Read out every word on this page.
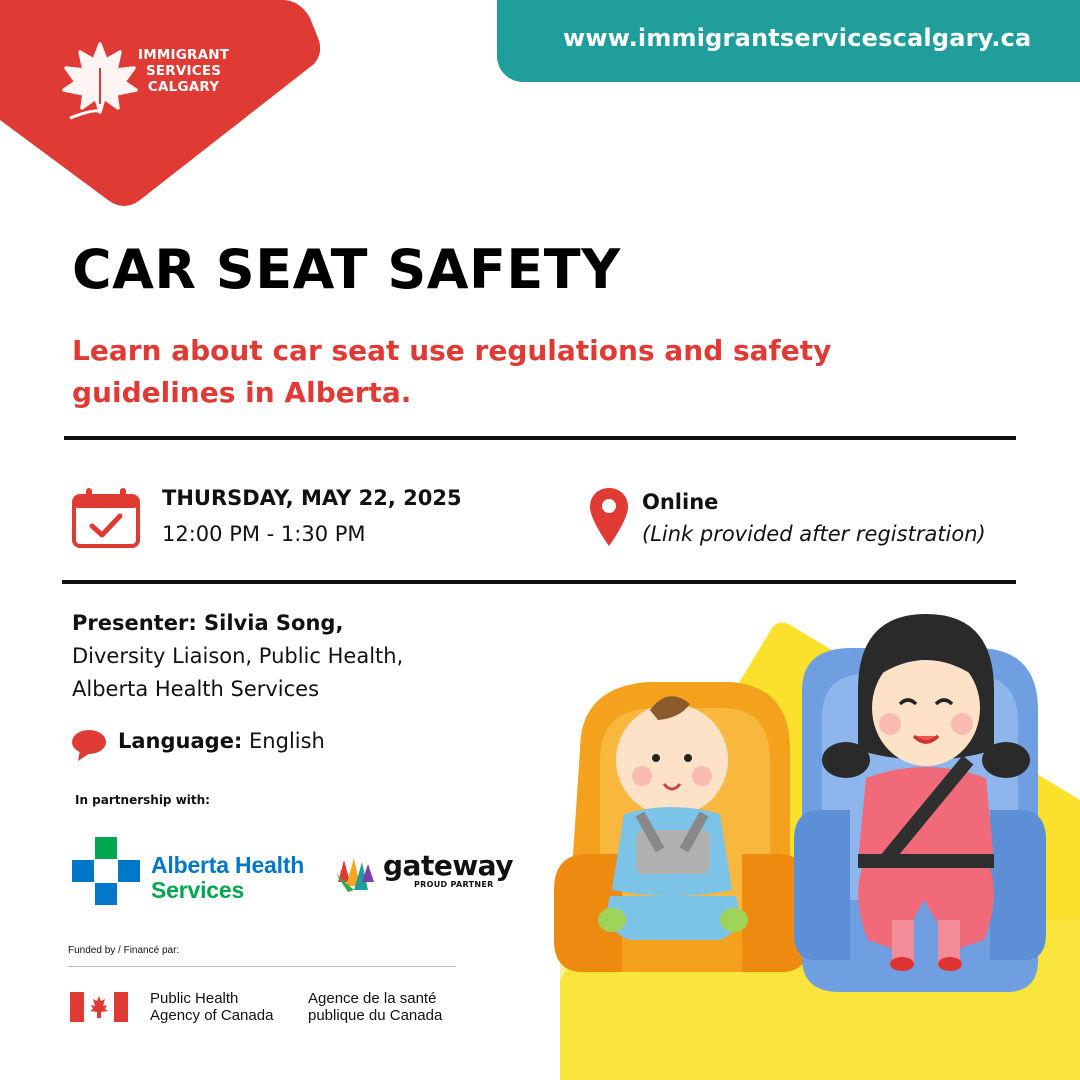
IMMIGRANT
SERVICES
CALGARY
www.immigrantservicescalgary.ca
CAR SEAT SAFETY

Learn about car seat use regulations and safety guidelines in Alberta.

THURSDAY, MAY 22, 2025
12:00 PM - 1:30 PM
Online
(Link provided after registration)
Presenter: Silvia Song,
Diversity Liaison, Public Health,
Alberta Health Services
Language: English
In partnership with:
Alberta Health
Services
gateway
PROUD PARTNER
Funded by / Financé par:
Public Health
Agency of Canada
Agence de la santé
publique du Canada
